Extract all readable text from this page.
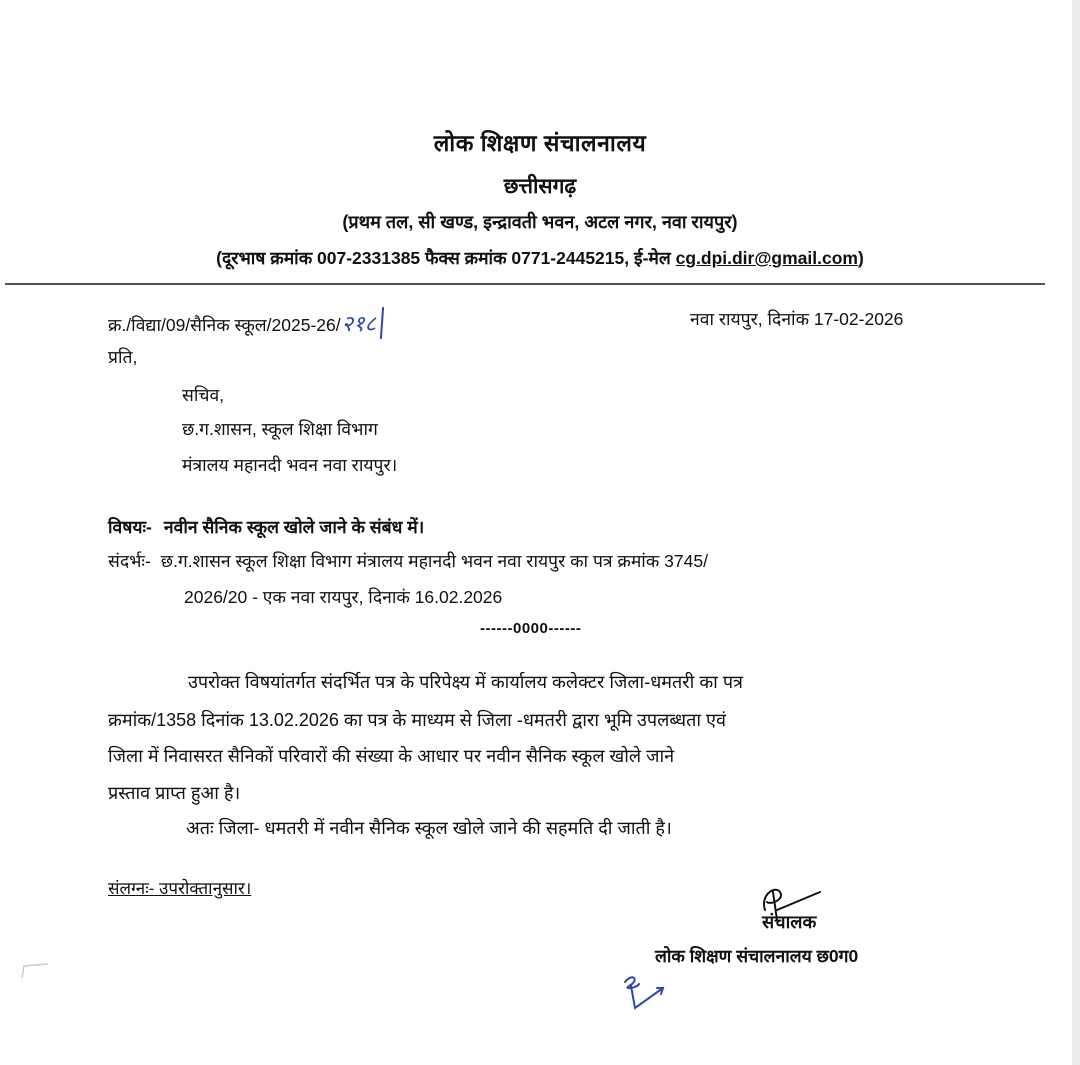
लोक शिक्षण संचालनालय
छत्तीसगढ़
(प्रथम तल, सी खण्ड, इन्द्रावती भवन, अटल नगर, नवा रायपुर)
(दूरभाष क्रमांक 007-2331385 फैक्स क्रमांक 0771-2445215, ई-मेल cg.dpi.dir@gmail.com)
क्र./विद्या/09/सैनिक स्कूल/2025-26/२१८	नवा रायपुर, दिनांक 17-02-2026
प्रति,
सचिव,
छ.ग.शासन, स्कूल शिक्षा विभाग
मंत्रालय महानदी भवन नवा रायपुर।
विषयः- नवीन सैनिक स्कूल खोले जाने के संबंध में।
संदर्भः- छ.ग.शासन स्कूल शिक्षा विभाग मंत्रालय महानदी भवन नवा रायपुर का पत्र क्रमांक 3745/
2026/20 - एक नवा रायपुर, दिनाकं 16.02.2026
------0000------
उपरोक्त विषयांतर्गत संदर्भित पत्र के परिपेक्ष्य में कार्यालय कलेक्टर जिला-धमतरी का पत्र
क्रमांक/1358 दिनांक 13.02.2026 का पत्र के माध्यम से जिला -धमतरी द्वारा भूमि उपलब्धता एवं
जिला में निवासरत सैनिकों परिवारों की संख्या के आधार पर नवीन सैनिक स्कूल खोले जाने
प्रस्ताव प्राप्त हुआ है।
अतः जिला- धमतरी में नवीन सैनिक स्कूल खोले जाने की सहमति दी जाती है।
संलग्नः- उपरोक्तानुसार।
संचालक
लोक शिक्षण संचालनालय छ0ग0
